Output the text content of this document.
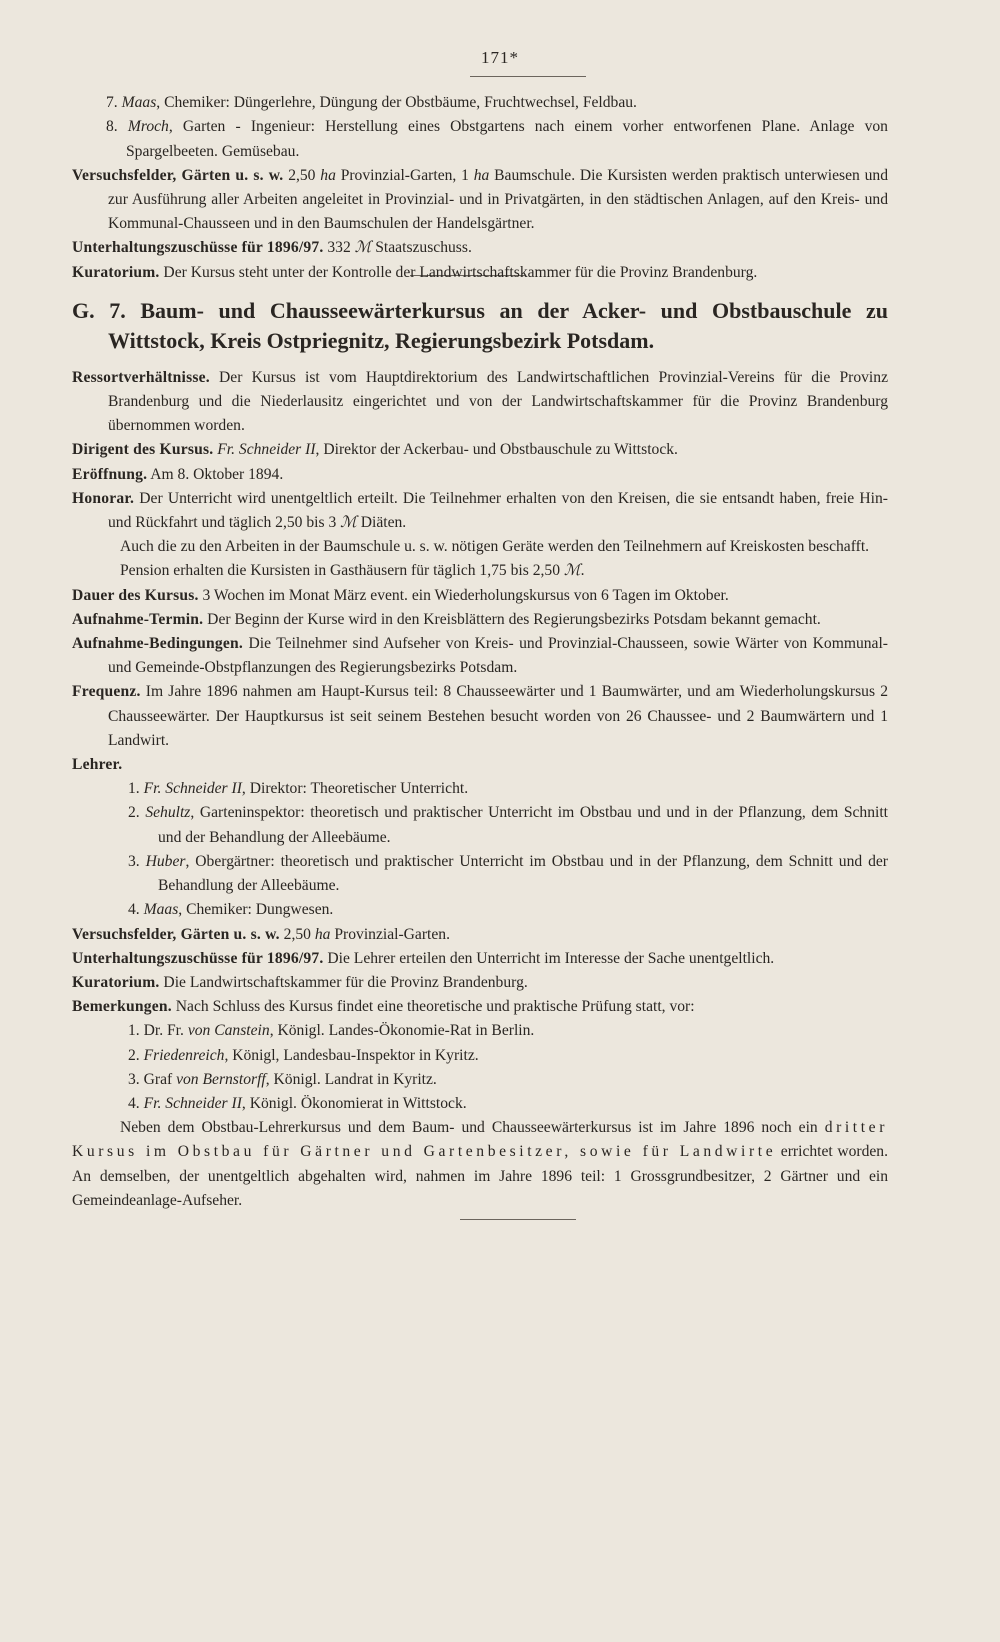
171*

7. Maas, Chemiker: Düngerlehre, Düngung der Obstbäume, Fruchtwechsel, Feldbau.

8. Mroch, Garten - Ingenieur: Herstellung eines Obstgartens nach einem vorher entworfenen Plane. Anlage von Spargelbeeten. Gemüsebau.

Versuchsfelder, Gärten u. s. w. 2,50 ha Provinzial-Garten, 1 ha Baumschule. Die Kursisten werden praktisch unterwiesen und zur Ausführung aller Arbeiten angeleitet in Provinzial- und in Privatgärten, in den städtischen Anlagen, auf den Kreis- und Kommunal-Chausseen und in den Baumschulen der Handelsgärtner.

Unterhaltungszuschüsse für 1896/97. 332 ℳ Staatszuschuss.

Kuratorium. Der Kursus steht unter der Kontrolle der Landwirtschaftskammer für die Provinz Brandenburg.

G. 7. Baum- und Chausseewärterkursus an der Acker- und Obstbauschule zu Wittstock, Kreis Ostpriegnitz, Regierungsbezirk Potsdam.

Ressortverhältnisse. Der Kursus ist vom Hauptdirektorium des Landwirtschaftlichen Provinzial-Vereins für die Provinz Brandenburg und die Niederlausitz eingerichtet und von der Landwirtschaftskammer für die Provinz Brandenburg übernommen worden.

Dirigent des Kursus. Fr. Schneider II, Direktor der Ackerbau- und Obstbauschule zu Wittstock.

Eröffnung. Am 8. Oktober 1894.

Honorar. Der Unterricht wird unentgeltlich erteilt. Die Teilnehmer erhalten von den Kreisen, die sie entsandt haben, freie Hin- und Rückfahrt und täglich 2,50 bis 3 ℳ Diäten.

Auch die zu den Arbeiten in der Baumschule u. s. w. nötigen Geräte werden den Teilnehmern auf Kreiskosten beschafft.

Pension erhalten die Kursisten in Gasthäusern für täglich 1,75 bis 2,50 ℳ.

Dauer des Kursus. 3 Wochen im Monat März event. ein Wiederholungskursus von 6 Tagen im Oktober.

Aufnahme-Termin. Der Beginn der Kurse wird in den Kreisblättern des Regierungsbezirks Potsdam bekannt gemacht.

Aufnahme-Bedingungen. Die Teilnehmer sind Aufseher von Kreis- und Provinzial-Chausseen, sowie Wärter von Kommunal- und Gemeinde-Obstpflanzungen des Regierungsbezirks Potsdam.

Frequenz. Im Jahre 1896 nahmen am Haupt-Kursus teil: 8 Chausseewärter und 1 Baumwärter, und am Wiederholungskursus 2 Chausseewärter. Der Hauptkursus ist seit seinem Bestehen besucht worden von 26 Chaussee- und 2 Baumwärtern und 1 Landwirt.

Lehrer.

1. Fr. Schneider II, Direktor: Theoretischer Unterricht.

2. Sehultz, Garteninspektor: theoretisch und praktischer Unterricht im Obstbau und und in der Pflanzung, dem Schnitt und der Behandlung der Alleebäume.

3. Huber, Obergärtner: theoretisch und praktischer Unterricht im Obstbau und in der Pflanzung, dem Schnitt und der Behandlung der Alleebäume.

4. Maas, Chemiker: Dungwesen.

Versuchsfelder, Gärten u. s. w. 2,50 ha Provinzial-Garten.

Unterhaltungszuschüsse für 1896/97. Die Lehrer erteilen den Unterricht im Interesse der Sache unentgeltlich.

Kuratorium. Die Landwirtschaftskammer für die Provinz Brandenburg.

Bemerkungen. Nach Schluss des Kursus findet eine theoretische und praktische Prüfung statt, vor:

1. Dr. Fr. von Canstein, Königl. Landes-Ökonomie-Rat in Berlin.

2. Friedenreich, Königl, Landesbau-Inspektor in Kyritz.

3. Graf von Bernstorff, Königl. Landrat in Kyritz.

4. Fr. Schneider II, Königl. Ökonomierat in Wittstock.

Neben dem Obstbau-Lehrerkursus und dem Baum- und Chausseewärterkursus ist im Jahre 1896 noch ein dritter Kursus im Obstbau für Gärtner und Gartenbesitzer, sowie für Landwirte errichtet worden. An demselben, der unentgeltlich abgehalten wird, nahmen im Jahre 1896 teil: 1 Grossgrundbesitzer, 2 Gärtner und ein Gemeindeanlage-Aufseher.
